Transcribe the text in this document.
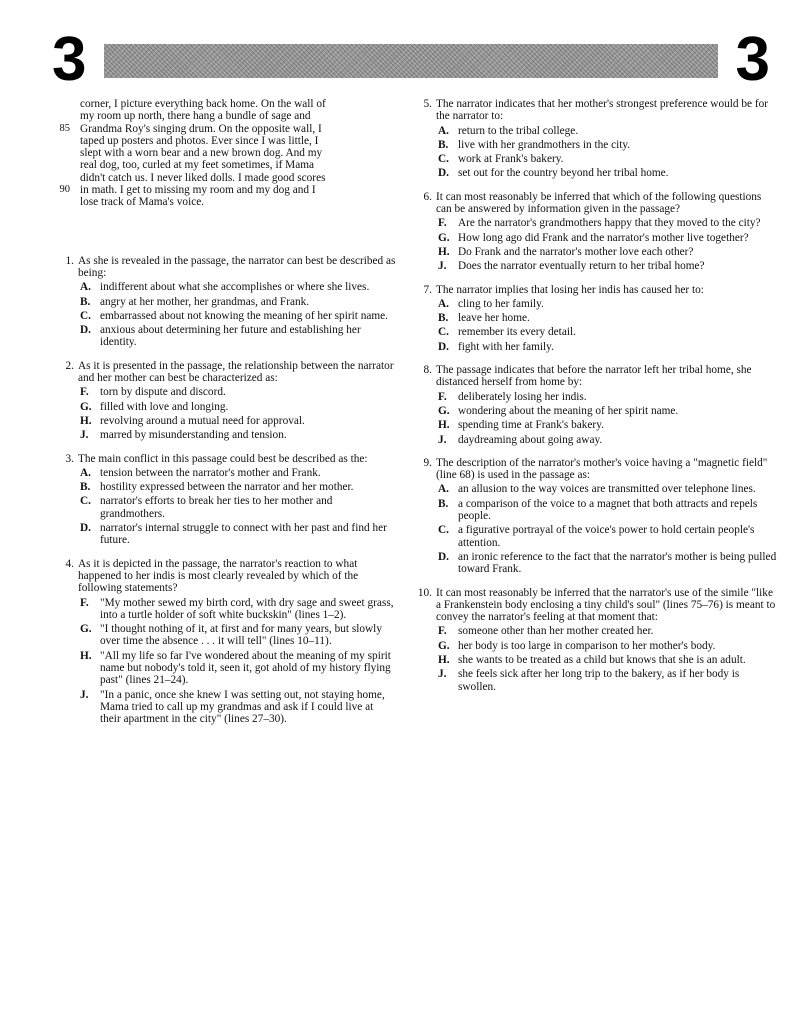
3	3
corner, I picture everything back home. On the wall of
my room up north, there hang a bundle of sage and
85 Grandma Roy's singing drum. On the opposite wall, I
taped up posters and photos. Ever since I was little, I
slept with a worn bear and a new brown dog. And my
real dog, too, curled at my feet sometimes, if Mama
didn't catch us. I never liked dolls. I made good scores
90 in math. I get to missing my room and my dog and I
lose track of Mama's voice.
1. As she is revealed in the passage, the narrator can best be described as being:
A. indifferent about what she accomplishes or where she lives.
B. angry at her mother, her grandmas, and Frank.
C. embarrassed about not knowing the meaning of her spirit name.
D. anxious about determining her future and establishing her identity.
2. As it is presented in the passage, the relationship between the narrator and her mother can best be characterized as:
F. torn by dispute and discord.
G. filled with love and longing.
H. revolving around a mutual need for approval.
J. marred by misunderstanding and tension.
3. The main conflict in this passage could best be described as the:
A. tension between the narrator's mother and Frank.
B. hostility expressed between the narrator and her mother.
C. narrator's efforts to break her ties to her mother and grandmothers.
D. narrator's internal struggle to connect with her past and find her future.
4. As it is depicted in the passage, the narrator's reaction to what happened to her indis is most clearly revealed by which of the following statements?
F. "My mother sewed my birth cord, with dry sage and sweet grass, into a turtle holder of soft white buckskin" (lines 1–2).
G. "I thought nothing of it, at first and for many years, but slowly over time the absence . . . it will tell" (lines 10–11).
H. "All my life so far I've wondered about the meaning of my spirit name but nobody's told it, seen it, got ahold of my history flying past" (lines 21–24).
J. "In a panic, once she knew I was setting out, not staying home, Mama tried to call up my grandmas and ask if I could live at their apartment in the city" (lines 27–30).
5. The narrator indicates that her mother's strongest preference would be for the narrator to:
A. return to the tribal college.
B. live with her grandmothers in the city.
C. work at Frank's bakery.
D. set out for the country beyond her tribal home.
6. It can most reasonably be inferred that which of the following questions can be answered by information given in the passage?
F. Are the narrator's grandmothers happy that they moved to the city?
G. How long ago did Frank and the narrator's mother live together?
H. Do Frank and the narrator's mother love each other?
J. Does the narrator eventually return to her tribal home?
7. The narrator implies that losing her indis has caused her to:
A. cling to her family.
B. leave her home.
C. remember its every detail.
D. fight with her family.
8. The passage indicates that before the narrator left her tribal home, she distanced herself from home by:
F. deliberately losing her indis.
G. wondering about the meaning of her spirit name.
H. spending time at Frank's bakery.
J. daydreaming about going away.
9. The description of the narrator's mother's voice having a "magnetic field" (line 68) is used in the passage as:
A. an allusion to the way voices are transmitted over telephone lines.
B. a comparison of the voice to a magnet that both attracts and repels people.
C. a figurative portrayal of the voice's power to hold certain people's attention.
D. an ironic reference to the fact that the narrator's mother is being pulled toward Frank.
10. It can most reasonably be inferred that the narrator's use of the simile "like a Frankenstein body enclosing a tiny child's soul" (lines 75–76) is meant to convey the narrator's feeling at that moment that:
F. someone other than her mother created her.
G. her body is too large in comparison to her mother's body.
H. she wants to be treated as a child but knows that she is an adult.
J. she feels sick after her long trip to the bakery, as if her body is swollen.
